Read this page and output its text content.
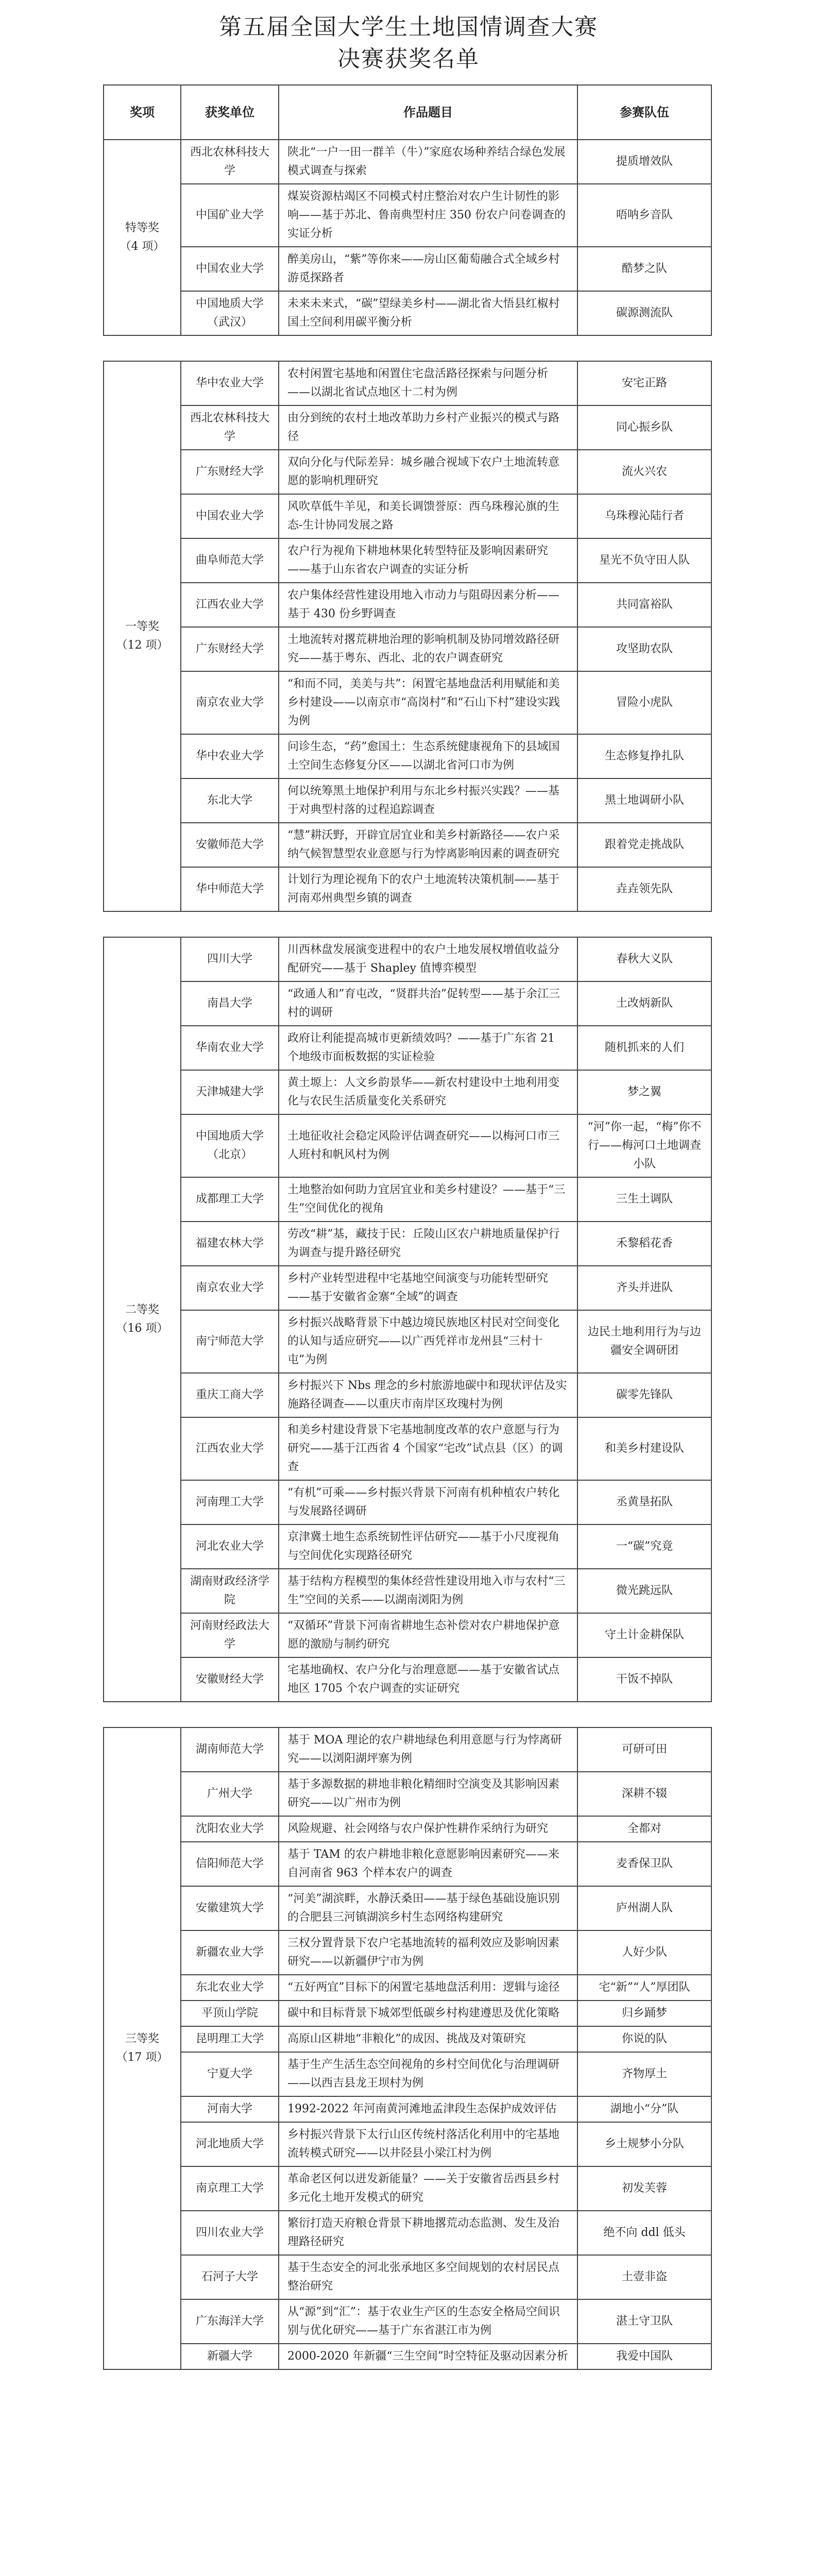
第五届全国大学生土地国情调查大赛
决赛获奖名单
奖项	获奖单位	作品题目	参赛队伍

特等奖
（4 项）	西北农林科技大学	陕北“一户一田一群羊（牛）”家庭农场种养结合绿色发展模式调查与探索	提质增效队
	中国矿业大学	煤炭资源枯竭区不同模式村庄整治对农户生计韧性的影响——基于苏北、鲁南典型村庄 350 份农户问卷调查的实证分析	唔呐乡音队
	中国农业大学	醉美房山，“紫”等你来——房山区葡萄融合式全域乡村游觅探路者	酷梦之队
	中国地质大学（武汉）	未来未来式，“碳”望绿美乡村——湖北省大悟县红椒村国土空间利用碳平衡分析	碳源测流队

一等奖
（12 项）	华中农业大学	农村闲置宅基地和闲置住宅盘活路径探索与问题分析——以湖北省试点地区十二村为例	安宅正路
	西北农林科技大学	由分到统的农村土地改革助力乡村产业振兴的模式与路径	同心振乡队
	广东财经大学	双向分化与代际差异：城乡融合视域下农户土地流转意愿的影响机理研究	流火兴农
	中国农业大学	风吹草低牛羊见，和美长调馈誉原：西乌珠穆沁旗的生态-生计协同发展之路	乌珠穆沁陆行者
	曲阜师范大学	农户行为视角下耕地林果化转型特征及影响因素研究——基于山东省农户调查的实证分析	星光不负守田人队
	江西农业大学	农户集体经营性建设用地入市动力与阻碍因素分析——基于 430 份乡野调查	共同富裕队
	广东财经大学	土地流转对撂荒耕地治理的影响机制及协同增效路径研究——基于粤东、西北、北的农户调查研究	攻坚助农队
	南京农业大学	“和而不同，美美与共”：闲置宅基地盘活利用赋能和美乡村建设——以南京市“高岗村”和“石山下村”建设实践为例	冒险小虎队
	华中农业大学	问诊生态，“药”愈国土：生态系统健康视角下的县域国土空间生态修复分区——以湖北省河口市为例	生态修复挣扎队
	东北大学	何以统筹黑土地保护利用与东北乡村振兴实践？——基于对典型村落的过程追踪调查	黑土地调研小队
	安徽师范大学	“慧”耕沃野，开辟宜居宜业和美乡村新路径——农户采纳气候智慧型农业意愿与行为悖离影响因素的调查研究	跟着党走挑战队
	华中师范大学	计划行为理论视角下的农户土地流转决策机制——基于河南邓州典型乡镇的调查	垚垚领先队

二等奖
（16 项）	四川大学	川西林盘发展演变进程中的农户土地发展权增值收益分配研究——基于 Shapley 值博弈模型	春秋大义队
	南昌大学	“政通人和”育屯改，“贤群共治”促转型——基于余江三村的调研	土改炳新队
	华南农业大学	政府让利能提高城市更新绩效吗？——基于广东省 21 个地级市面板数据的实证检验	随机抓来的人们
	天津城建大学	黄土塬上：人文乡韵景华——新农村建设中土地利用变化与农民生活质量变化关系研究	梦之翼
	中国地质大学（北京）	土地征收社会稳定风险评估调查研究——以梅河口市三人班村和帆风村为例	“河”你一起，“梅”你不行——梅河口土地调查小队
	成都理工大学	土地整治如何助力宜居宜业和美乡村建设？——基于“三生”空间优化的视角	三生土调队
	福建农林大学	劳改“耕”基，藏技于民：丘陵山区农户耕地质量保护行为调查与提升路径研究	禾黎稻花香
	南京农业大学	乡村产业转型进程中宅基地空间演变与功能转型研究——基于安徽省金寨“全域”的调查	齐头并进队
	南宁师范大学	乡村振兴战略背景下中越边境民族地区村民对空间变化的认知与适应研究——以广西凭祥市龙州县“三村十屯”为例	边民土地利用行为与边疆安全调研团
	重庆工商大学	乡村振兴下 Nbs 理念的乡村旅游地碳中和现状评估及实施路径调查——以重庆市南岸区玫瑰村为例	碳零先锋队
	江西农业大学	和美乡村建设背景下宅基地制度改革的农户意愿与行为研究——基于江西省 4 个国家“宅改”试点县（区）的调查	和美乡村建设队
	河南理工大学	“有机”可乘——乡村振兴背景下河南有机种植农户转化与发展路径调研	丞黄垦拓队
	河北农业大学	京津冀土地生态系统韧性评估研究——基于小尺度视角与空间优化实现路径研究	一“碳”究竟
	湖南财政经济学院	基于结构方程模型的集体经营性建设用地入市与农村“三生”空间的关系——以湖南浏阳为例	微光跳远队
	河南财经政法大学	“双循环”背景下河南省耕地生态补偿对农户耕地保护意愿的激励与制约研究	守土计金耕保队
	安徽财经大学	宅基地确权、农户分化与治理意愿——基于安徽省试点地区 1705 个农户调查的实证研究	干饭不掉队

三等奖
（17 项）	湖南师范大学	基于 MOA 理论的农户耕地绿色利用意愿与行为悖离研究——以浏阳湖坪寨为例	可研可田
	广州大学	基于多源数据的耕地非粮化精细时空演变及其影响因素研究——以广州市为例	深耕不辍
	沈阳农业大学	风险规避、社会网络与农户保护性耕作采纳行为研究	全都对
	信阳师范大学	基于 TAM 的农户耕地非粮化意愿影响因素研究——来自河南省 963 个样本农户的调查	麦香保卫队
	安徽建筑大学	“河美”湖滨畔，水静沃桑田——基于绿色基础设施识别的合肥县三河镇湖滨乡村生态网络构建研究	庐州湖人队
	新疆农业大学	三权分置背景下农户宅基地流转的福利效应及影响因素研究——以新疆伊宁市为例	人好少队
	东北农业大学	“五好两宜”目标下的闲置宅基地盘活利用：逻辑与途径	宅“新”“人”厚团队
	平顶山学院	碳中和目标背景下城郊型低碳乡村构建遵思及优化策略	归乡踊梦
	昆明理工大学	高原山区耕地“非粮化”的成因、挑战及对策研究	你说的队
	宁夏大学	基于生产生活生态空间视角的乡村空间优化与治理调研——以西吉县龙王坝村为例	齐物厚土
	河南大学	1992-2022 年河南黄河滩地孟津段生态保护成效评估	湖地小“分”队
	河北地质大学	乡村振兴背景下太行山区传统村落活化利用中的宅基地流转模式研究——以井陉县小梁江村为例	乡土规梦小分队
	南京理工大学	革命老区何以迸发新能量？——关于安徽省岳西县乡村多元化土地开发模式的研究	初发芙蓉
	四川农业大学	繁衍打造天府粮仓背景下耕地撂荒动态监测、发生及治理路径研究	绝不向 ddl 低头
	石河子大学	基于生态安全的河北张承地区多空间规划的农村居民点整治研究	土壹非盗
	广东海洋大学	从“源”到“汇”：基于农业生产区的生态安全格局空间识别与优化研究——基于广东省湛江市为例	湛土守卫队
	新疆大学	2000-2020 年新疆“三生空间”时空特征及驱动因素分析	我爱中国队
